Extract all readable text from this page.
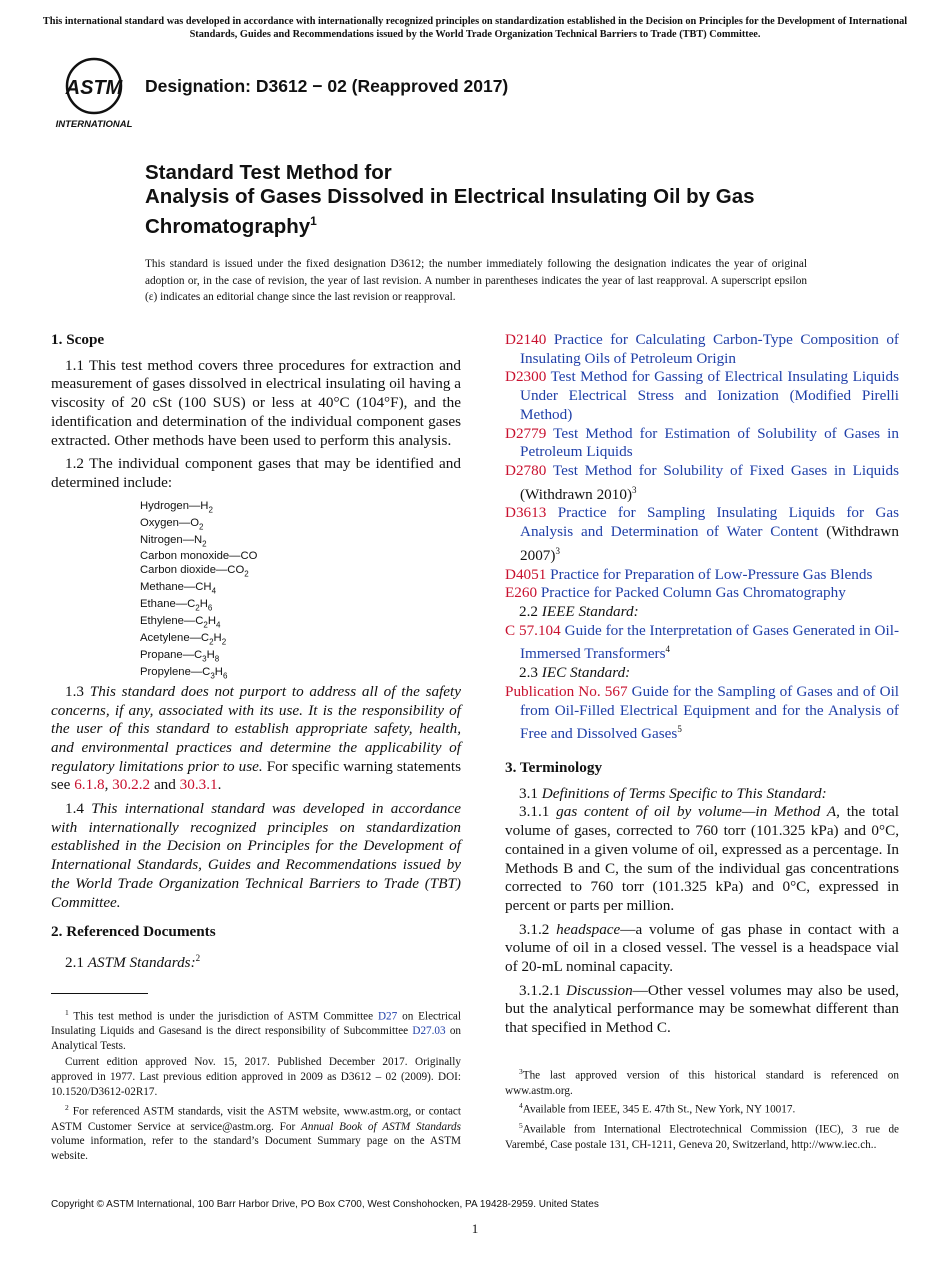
This international standard was developed in accordance with internationally recognized principles on standardization established in the Decision on Principles for the Development of International Standards, Guides and Recommendations issued by the World Trade Organization Technical Barriers to Trade (TBT) Committee.
ASTM
INTERNATIONAL
Designation: D3612 − 02 (Reapproved 2017)
Standard Test Method for
Analysis of Gases Dissolved in Electrical Insulating Oil by Gas Chromatography$^1$
This standard is issued under the fixed designation D3612; the number immediately following the designation indicates the year of original adoption or, in the case of revision, the year of last revision. A number in parentheses indicates the year of last reapproval. A superscript epsilon (ε) indicates an editorial change since the last revision or reapproval.
1. Scope
1.1 This test method covers three procedures for extraction and measurement of gases dissolved in electrical insulating oil having a viscosity of 20 cSt (100 SUS) or less at 40°C (104°F), and the identification and determination of the individual component gases extracted. Other methods have been used to perform this analysis.
1.2 The individual component gases that may be identified and determined include:
$Hydrogen—H_2$
$Oxygen—O_2$
$Nitrogen—N_2$
Carbon monoxide—CO
Carbon $dioxide—CO_2$
$Methane—CH_4$
$Ethane—C_2H_6$
$Ethylene—C_2H_4$
$Acetylene—C_2H_2$
$Propane—C_3H_8$
$Propylene—C_3H_6$
1.3 This standard does not purport to address all of the safety concerns, if any, associated with its use. It is the responsibility of the user of this standard to establish appropriate safety, health, and environmental practices and determine the applicability of regulatory limitations prior to use. For specific warning statements see 6.1.8, 30.2.2 and 30.3.1.
1.4 This international standard was developed in accordance with internationally recognized principles on standardization established in the Decision on Principles for the Development of International Standards, Guides and Recommendations issued by the World Trade Organization Technical Barriers to Trade (TBT) Committee.
2. Referenced Documents
2.1 ASTM Standards:$^2$
$^1$ This test method is under the jurisdiction of ASTM Committee D27 on Electrical Insulating Liquids and Gasesand is the direct responsibility of Subcommittee D27.03 on Analytical Tests.
Current edition approved Nov. 15, 2017. Published December 2017. Originally approved in 1977. Last previous edition approved in 2009 as D3612 – 02 (2009). DOI: 10.1520/D3612-02R17.
$^2$ For referenced ASTM standards, visit the ASTM website, www.astm.org, or contact ASTM Customer Service at service@astm.org. For Annual Book of ASTM Standards volume information, refer to the standard’s Document Summary page on the ASTM website.
D2140 Practice for Calculating Carbon-Type Composition of Insulating Oils of Petroleum Origin
D2300 Test Method for Gassing of Electrical Insulating Liquids Under Electrical Stress and Ionization (Modified Pirelli Method)
D2779 Test Method for Estimation of Solubility of Gases in Petroleum Liquids
D2780 Test Method for Solubility of Fixed Gases in Liquids (Withdrawn 2010)$^3$
D3613 Practice for Sampling Insulating Liquids for Gas Analysis and Determination of Water Content (Withdrawn 2007)$^3$
D4051 Practice for Preparation of Low-Pressure Gas Blends
E260 Practice for Packed Column Gas Chromatography
2.2 IEEE Standard:
C 57.104 Guide for the Interpretation of Gases Generated in Oil-Immersed Transformers$^4$
2.3 IEC Standard:
Publication No. 567 Guide for the Sampling of Gases and of Oil from Oil-Filled Electrical Equipment and for the Analysis of Free and Dissolved Gases$^5$
3. Terminology
3.1 Definitions of Terms Specific to This Standard:
3.1.1 gas content of oil by volume—in Method A, the total volume of gases, corrected to 760 torr (101.325 kPa) and 0°C, contained in a given volume of oil, expressed as a percentage. In Methods B and C, the sum of the individual gas concentrations corrected to 760 torr (101.325 kPa) and 0°C, expressed in percent or parts per million.
3.1.2 headspace—a volume of gas phase in contact with a volume of oil in a closed vessel. The vessel is a headspace vial of 20-mL nominal capacity.
3.1.2.1 Discussion—Other vessel volumes may also be used, but the analytical performance may be somewhat different than that specified in Method C.
$^3$The last approved version of this historical standard is referenced on www.astm.org.
$^4$Available from IEEE, 345 E. 47th St., New York, NY 10017.
$^5$Available from International Electrotechnical Commission (IEC), 3 rue de Varembé, Case postale 131, CH-1211, Geneva 20, Switzerland, http://www.iec.ch..
Copyright © ASTM International, 100 Barr Harbor Drive, PO Box C700, West Conshohocken, PA 19428-2959. United States
1
